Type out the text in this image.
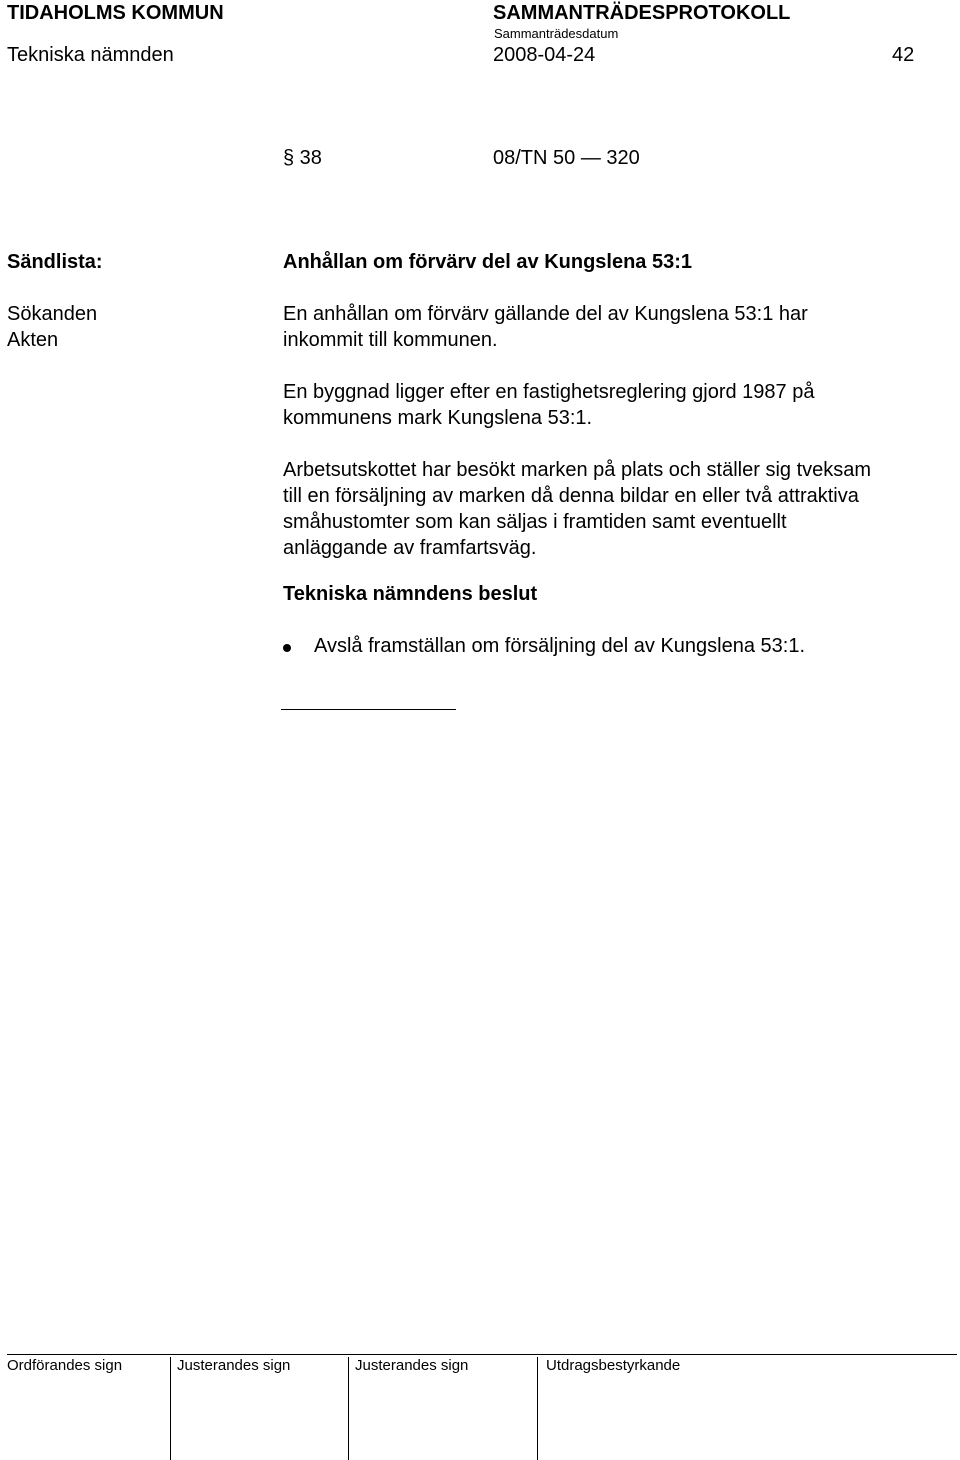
TIDAHOLMS KOMMUN	SAMMANTRÄDESPROTOKOLL
Sammanträdesdatum
Tekniska nämnden	2008-04-24	42
§ 38	08/TN 50 — 320
Sändlista:	Anhållan om förvärv del av Kungslena 53:1
Sökanden
Akten

En anhållan om förvärv gällande del av Kungslena 53:1 har
inkommit till kommunen.

En byggnad ligger efter en fastighetsreglering gjord 1987 på
kommunens mark Kungslena 53:1.

Arbetsutskottet har besökt marken på plats och ställer sig tveksam
till en försäljning av marken då denna bildar en eller två attraktiva
småhustomter som kan säljas i framtiden samt eventuellt
anläggande av framfartsväg.

Tekniska nämndens beslut
Avslå framställan om försäljning del av Kungslena 53:1.
Ordförandes sign	Justerandes sign	Justerandes sign	Utdragsbestyrkande
